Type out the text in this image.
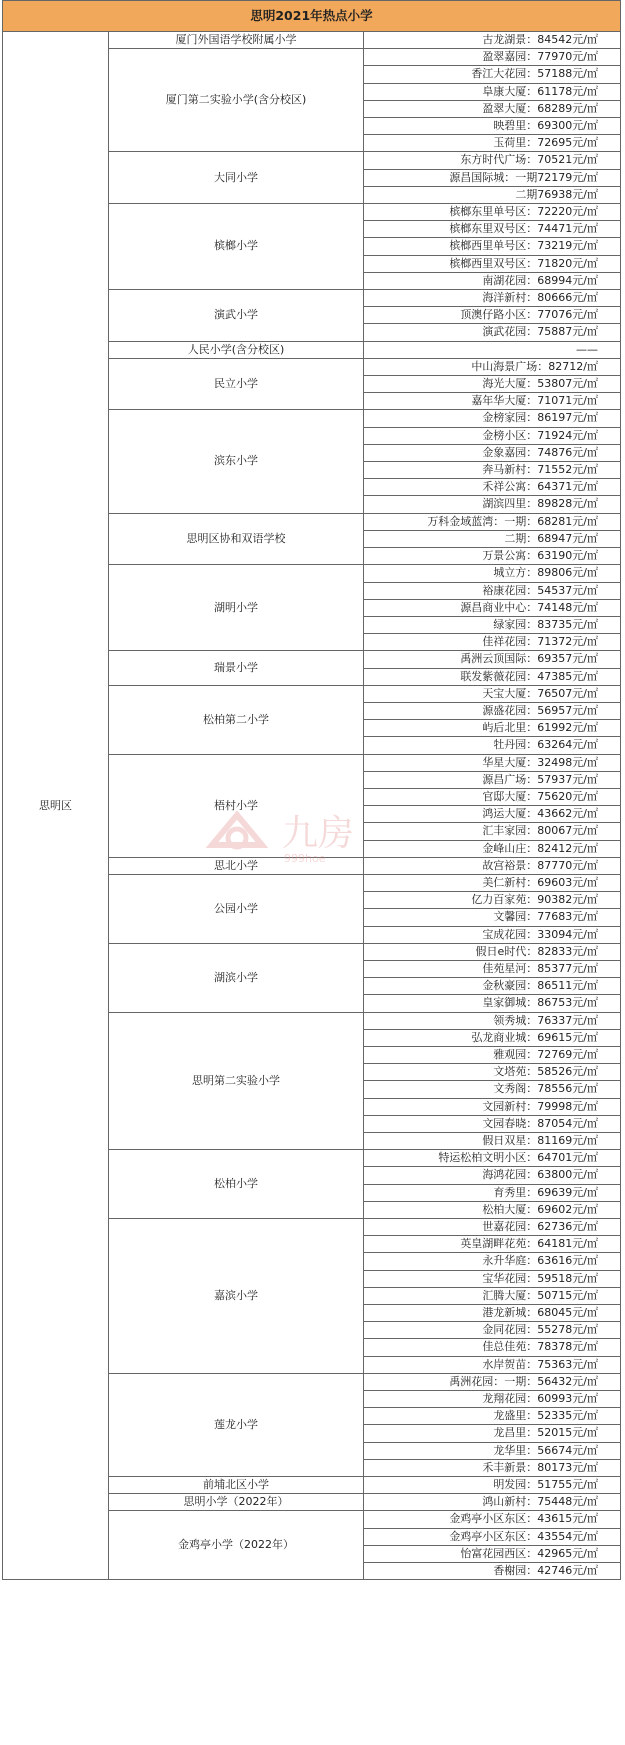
思明2021年热点小学		
思明区	厦门外国语学校附属小学	古龙湖景：84542元/㎡
	厦门第二实验小学(含分校区)	盈翠嘉园：77970元/㎡
		香江大花园：57188元/㎡
		阜康大厦：61178元/㎡
		盈翠大厦：68289元/㎡
		映碧里：69300元/㎡
		玉荷里：72695元/㎡
	大同小学	东方时代广场：70521元/㎡
		源昌国际城：一期72179元/㎡
		二期76938元/㎡
	槟榔小学	槟榔东里单号区：72220元/㎡
		槟榔东里双号区：74471元/㎡
		槟榔西里单号区：73219元/㎡
		槟榔西里双号区：71820元/㎡
		南湖花园：68994元/㎡
	演武小学	海洋新村：80666元/㎡
		顶澳仔路小区：77076元/㎡
		演武花园：75887元/㎡
	人民小学(含分校区)	——
	民立小学	中山海景广场：82712/㎡
		海光大厦：53807元/㎡
		嘉年华大厦：71071元/㎡
	滨东小学	金榜家园：86197元/㎡
		金榜小区：71924元/㎡
		金象嘉园：74876元/㎡
		奔马新村：71552元/㎡
		禾祥公寓：64371元/㎡
		湖滨四里：89828元/㎡
	思明区协和双语学校	万科金域蓝湾：一期：68281元/㎡
		二期：68947元/㎡
		万景公寓：63190元/㎡
	湖明小学	城立方：89806元/㎡
		裕康花园：54537元/㎡
		源昌商业中心：74148元/㎡
		绿家园：83735元/㎡
		佳祥花园：71372元/㎡
	瑞景小学	禹洲云顶国际：69357元/㎡
		联发紫薇花园：47385元/㎡
	松柏第二小学	天宝大厦：76507元/㎡
		源盛花园：56957元/㎡
		屿后北里：61992元/㎡
		牡丹园：63264元/㎡
	梧村小学	华星大厦：32498元/㎡
		源昌广场：57937元/㎡
		官邸大厦：75620元/㎡
		鸿运大厦：43662元/㎡
		汇丰家园：80067元/㎡
		金峰山庄：82412元/㎡
	思北小学	故宫裕景：87770元/㎡
	公园小学	美仁新村：69603元/㎡
		亿力百家苑：90382元/㎡
		文馨园：77683元/㎡
		宝成花园：33094元/㎡
	湖滨小学	假日e时代：82833元/㎡
		佳苑星河：85377元/㎡
		金秋豪园：86511元/㎡
		皇家御城：86753元/㎡
	思明第二实验小学	领秀城：76337元/㎡
		弘龙商业城：69615元/㎡
		雅观园：72769元/㎡
		文塔苑：58526元/㎡
		文秀阁：78556元/㎡
		文园新村：79998元/㎡
		文园春晓：87054元/㎡
		假日双星：81169元/㎡
	松柏小学	特运松柏文明小区：64701元/㎡
		海鸿花园：63800元/㎡
		育秀里：69639元/㎡
		松柏大厦：69602元/㎡
	嘉滨小学	世嘉花园：62736元/㎡
		英皇湖畔花苑：64181元/㎡
		永升华庭：63616元/㎡
		宝华花园：59518元/㎡
		汇腾大厦：50715元/㎡
		港龙新城：68045元/㎡
		金同花园：55278元/㎡
		佳总佳苑：78378元/㎡
		水岸贺苗：75363元/㎡
	莲龙小学	禹洲花园：一期：56432元/㎡
		龙翔花园：60993元/㎡
		龙盛里：52335元/㎡
		龙昌里：52015元/㎡
		龙华里：56674元/㎡
		禾丰新景：80173元/㎡
	前埔北区小学	明发园：51755元/㎡
	思明小学（2022年）	鸿山新村：75448元/㎡
	金鸡亭小学（2022年）	金鸡亭小区东区：43615元/㎡
		金鸡亭小区东区：43554元/㎡
		怡富花园西区：42965元/㎡
		香榭园：42746元/㎡
九房
999hoe
